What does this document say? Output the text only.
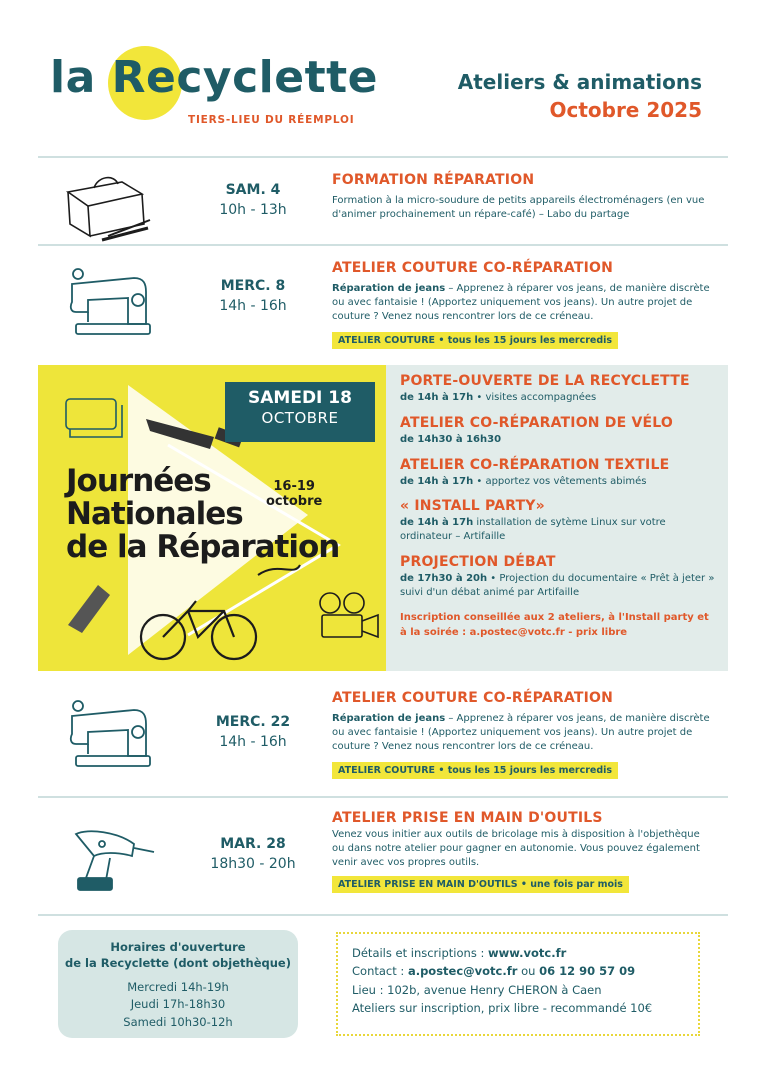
la Recyclette
TIERS-LIEU DU RÉEMPLOI
Ateliers & animations
Octobre 2025
SAM. 4
10h - 13h
FORMATION RÉPARATION
Formation à la micro-soudure de petits appareils électroménagers (en vue d'animer prochainement un répare-café) – Labo du partage
MERC. 8
14h - 16h
ATELIER COUTURE CO-RÉPARATION
Réparation de jeans – Apprenez à réparer vos jeans, de manière discrète ou avec fantaisie ! (Apportez uniquement vos jeans). Un autre projet de couture ? Venez nous rencontrer lors de ce créneau.
ATELIER COUTURE • tous les 15 jours les mercredis
SAMEDI 18
OCTOBRE
Journées
Nationales
de la Réparation
16-19
octobre
PORTE-OUVERTE DE LA RECYCLETTE
de 14h à 17h • visites accompagnées
ATELIER CO-RÉPARATION DE VÉLO
de 14h30 à 16h30
ATELIER CO-RÉPARATION TEXTILE
de 14h à 17h • apportez vos vêtements abimés
« INSTALL PARTY»
de 14h à 17h installation de sytème Linux sur votre ordinateur – Artifaille
PROJECTION DÉBAT
de 17h30 à 20h • Projection du documentaire « Prêt à jeter » suivi d'un débat animé par Artifaille
Inscription conseillée aux 2 ateliers, à l'Install party et à la soirée : a.postec@votc.fr - prix libre
MERC. 22
14h - 16h
ATELIER COUTURE CO-RÉPARATION
Réparation de jeans – Apprenez à réparer vos jeans, de manière discrète ou avec fantaisie ! (Apportez uniquement vos jeans). Un autre projet de couture ? Venez nous rencontrer lors de ce créneau.
ATELIER COUTURE • tous les 15 jours les mercredis
MAR. 28
18h30 - 20h
ATELIER PRISE EN MAIN D'OUTILS
Venez vous initier aux outils de bricolage mis à disposition à l'objethèque ou dans notre atelier pour gagner en autonomie. Vous pouvez également venir avec vos propres outils.
ATELIER PRISE EN MAIN D'OUTILS • une fois par mois
Horaires d'ouverture
de la Recyclette (dont objethèque)
Mercredi 14h-19h
Jeudi 17h-18h30
Samedi 10h30-12h
Détails et inscriptions : www.votc.fr
Contact : a.postec@votc.fr ou 06 12 90 57 09
Lieu : 102b, avenue Henry CHERON à Caen
Ateliers sur inscription, prix libre - recommandé 10€
